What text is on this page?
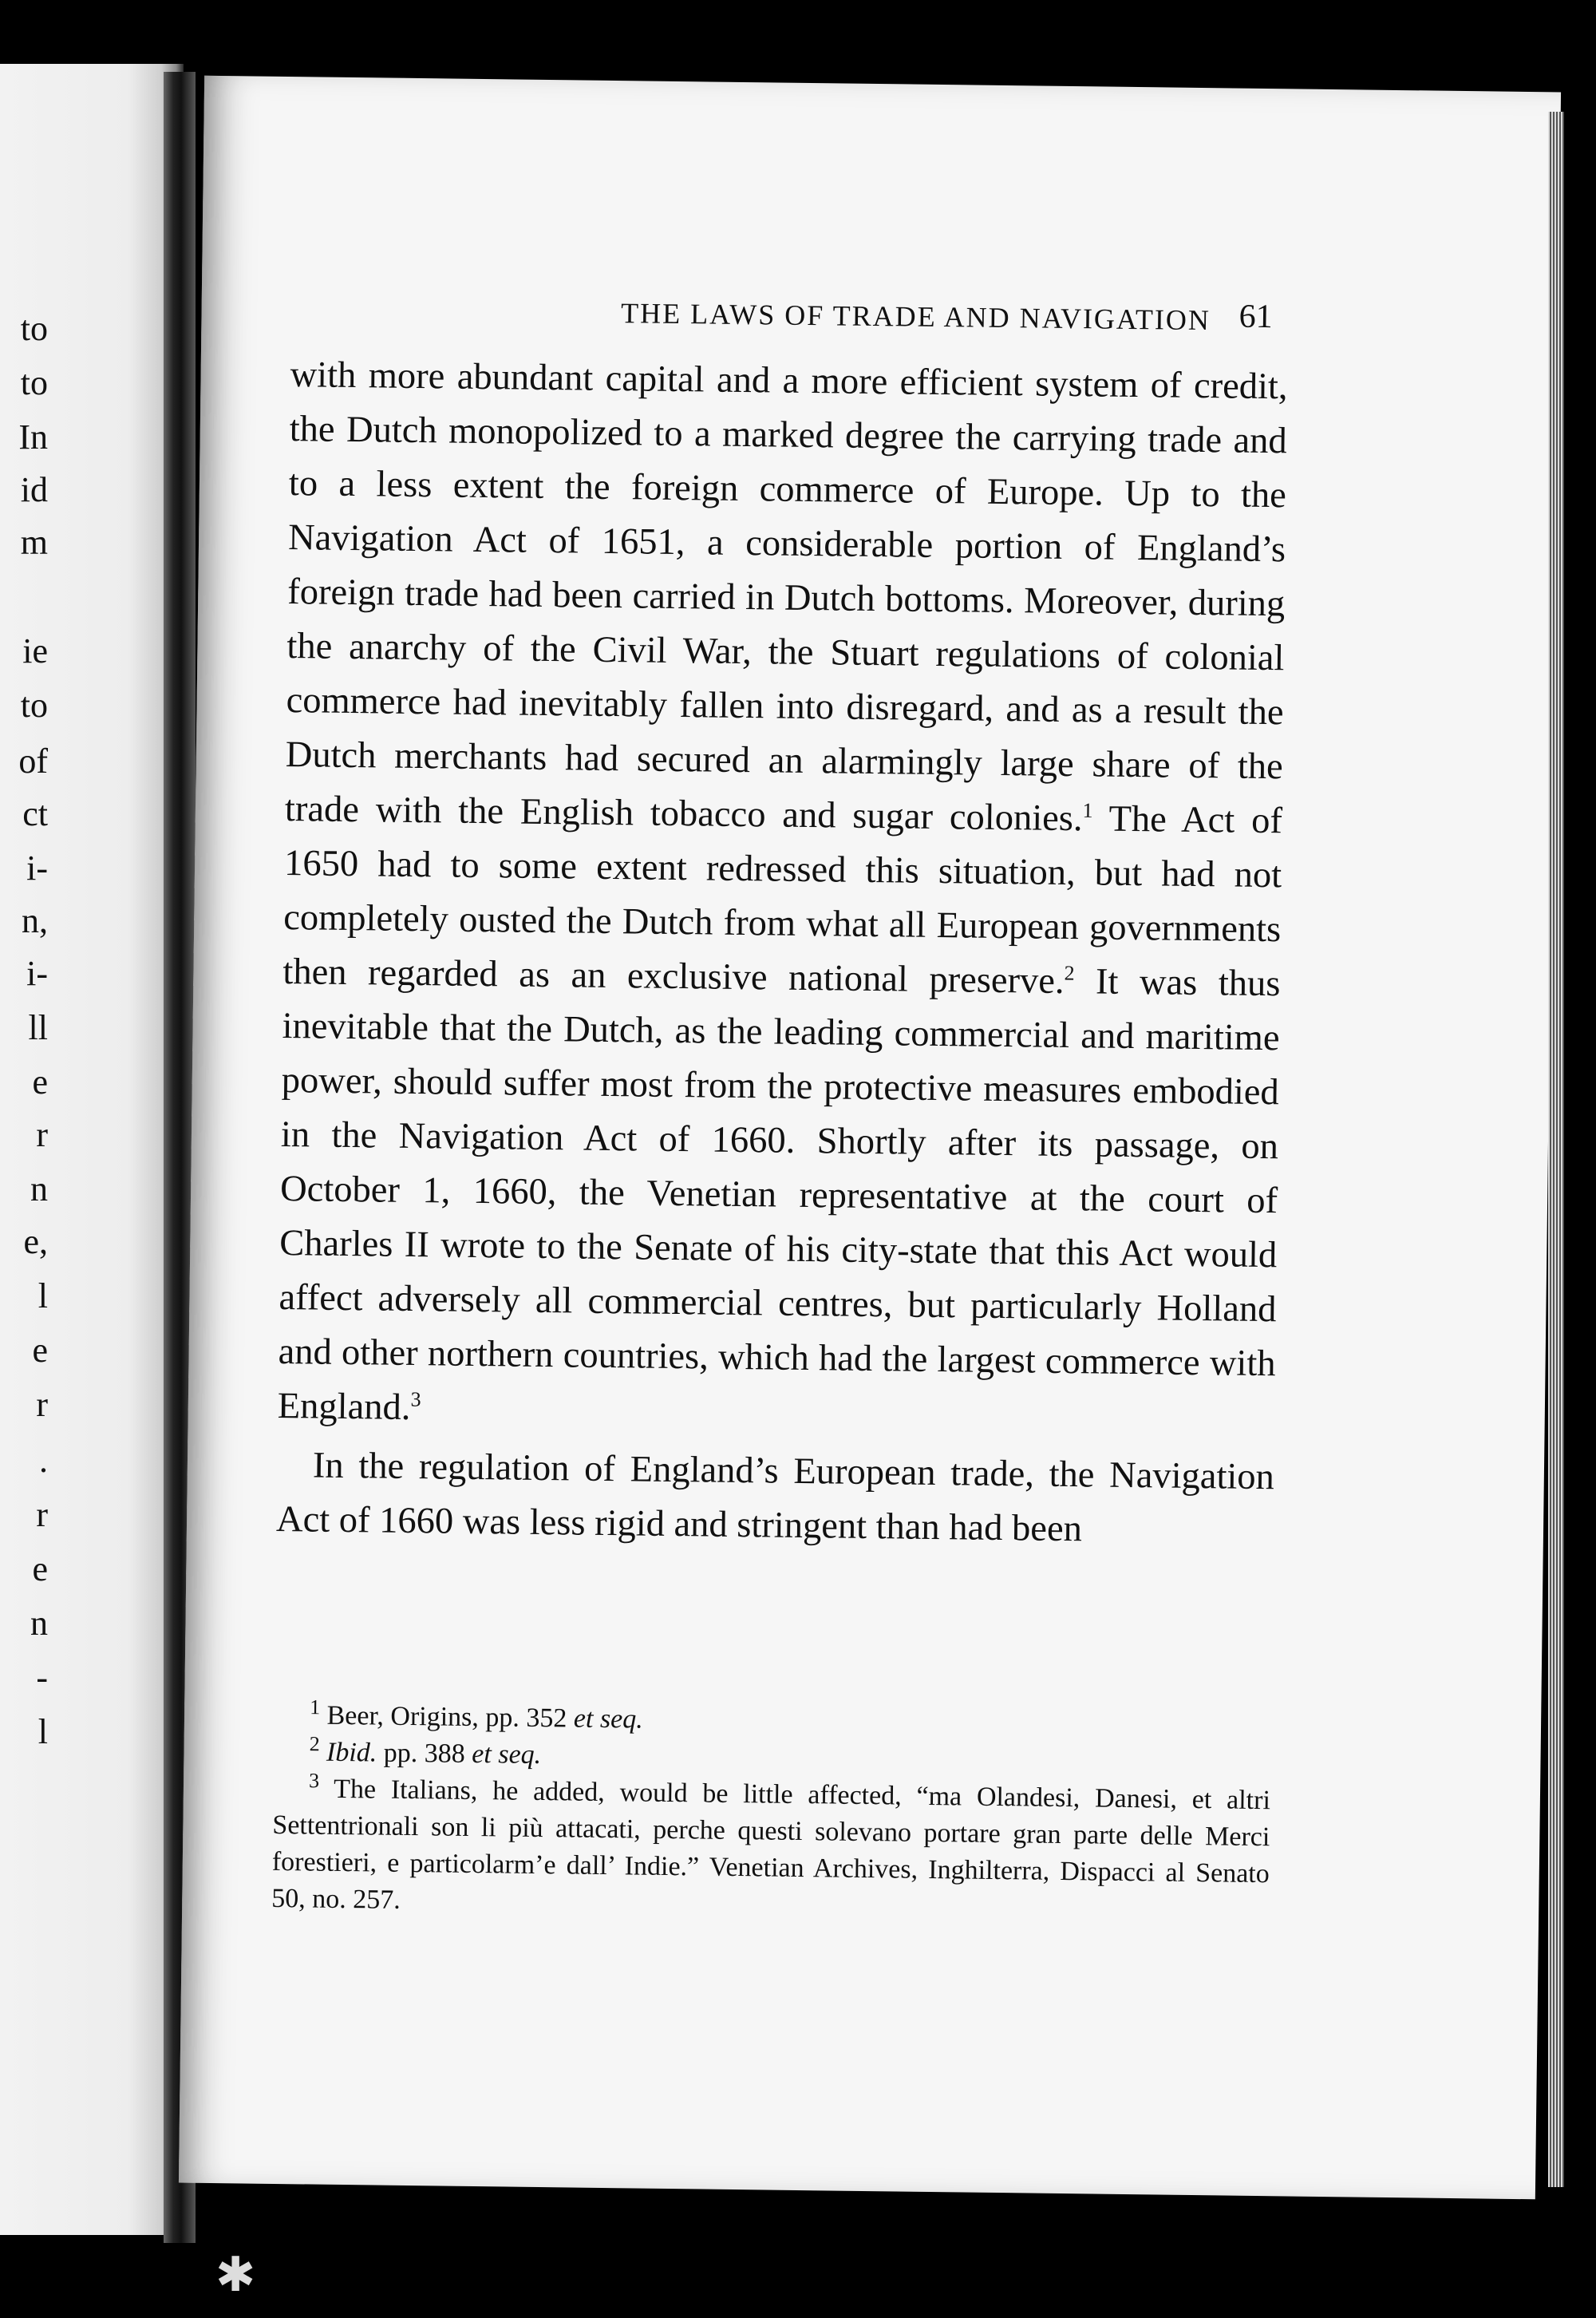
to
to
In
id
m
ie
to
of
ct
i-
n,
i-
ll
e
r
n
e,
l
e
r
.
r
e
n
-
l
THE LAWS OF TRADE AND NAVIGATION 61

with more abundant capital and a more efficient system of credit, the Dutch monopolized to a marked degree the carrying trade and to a less extent the foreign commerce of Europe. Up to the Navigation Act of 1651, a considerable portion of England’s foreign trade had been carried in Dutch bottoms. Moreover, during the anarchy of the Civil War, the Stuart regulations of colonial commerce had inevitably fallen into disregard, and as a result the Dutch merchants had secured an alarmingly large share of the trade with the English tobacco and sugar colonies.$^1$ The Act of 1650 had to some extent redressed this situation, but had not completely ousted the Dutch from what all European governments then regarded as an exclusive national preserve.$^2$ It was thus inevitable that the Dutch, as the leading commercial and maritime power, should suffer most from the protective measures embodied in the Navigation Act of 1660. Shortly after its passage, on October 1, 1660, the Venetian representative at the court of Charles II wrote to the Senate of his city-state that this Act would affect adversely all commercial centres, but particularly Holland and other northern countries, which had the largest commerce with England.$^3$

In the regulation of England’s European trade, the Navigation Act of 1660 was less rigid and stringent than had been

$^1$ Beer, Origins, pp. 352 et seq.

$^2$ Ibid. pp. 388 et seq.

$^3$ The Italians, he added, would be little affected, “ma Olandesi, Danesi, et altri Settentrionali son li più attacati, perche questi solevano portare gran parte delle Merci forestieri, e particolarm’e dall’ Indie.” Venetian Archives, Inghilterra, Dispacci al Senato 50, no. 257.

✱
